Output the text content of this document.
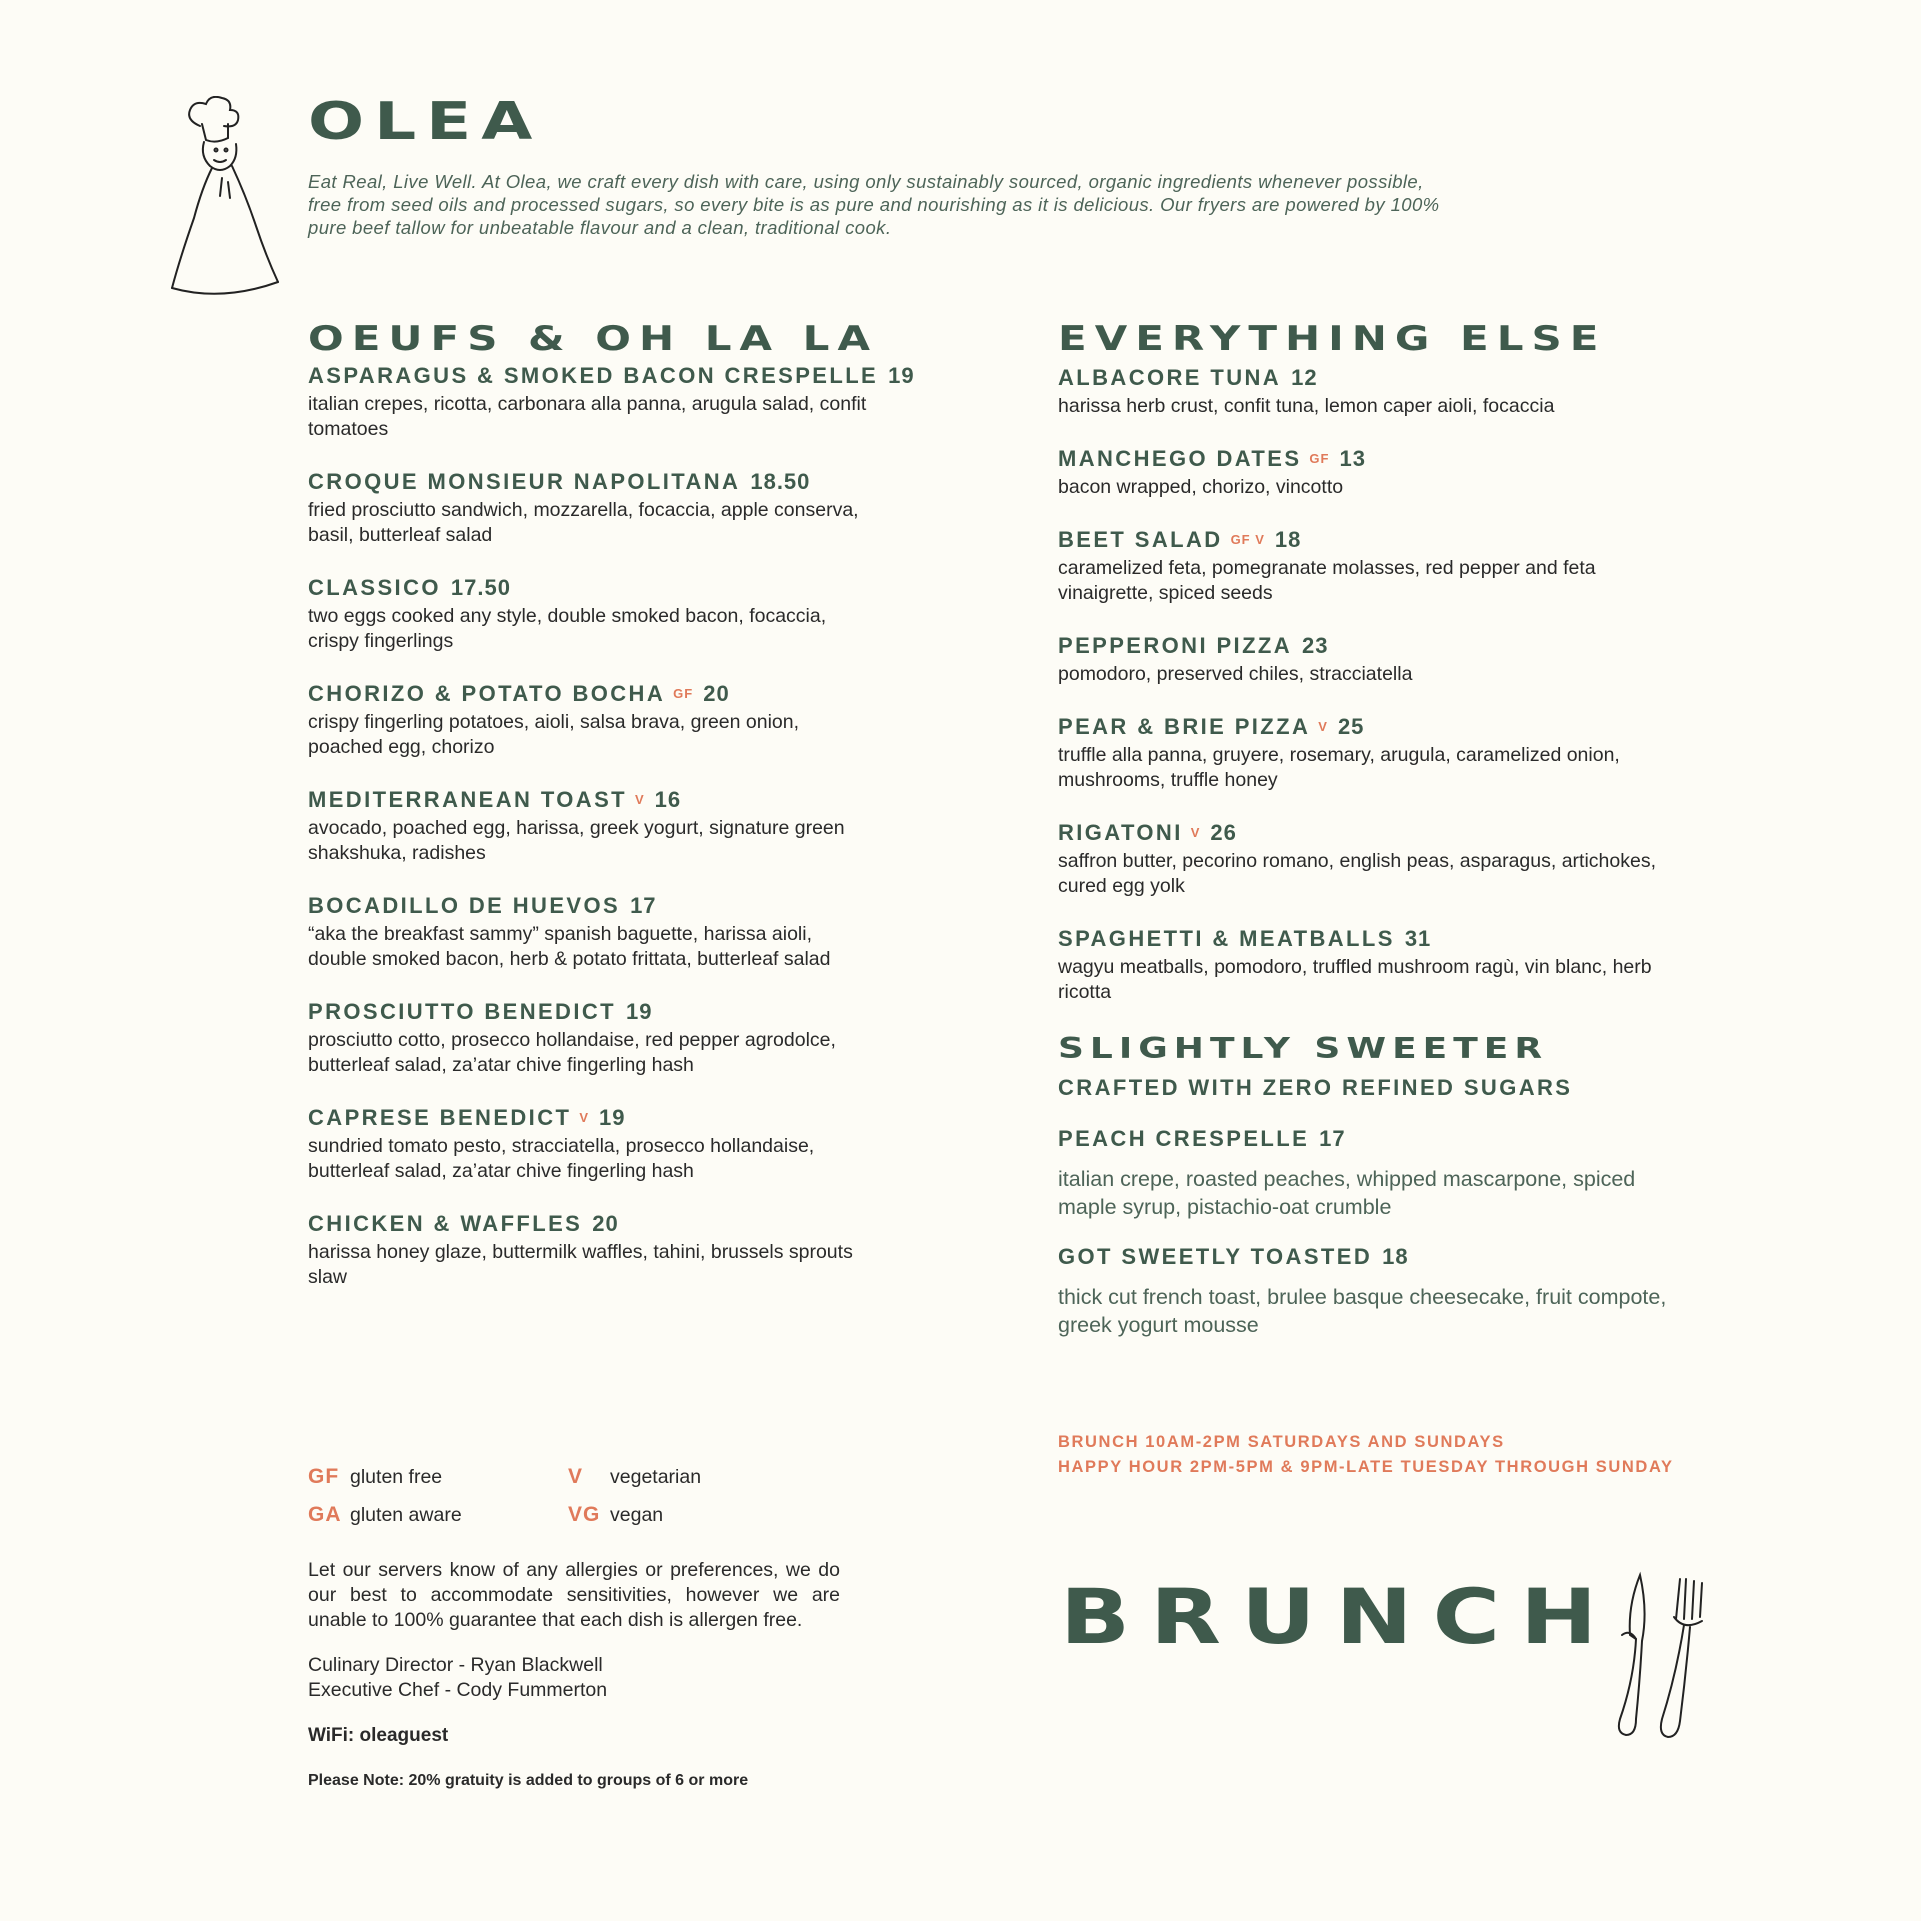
OLEA
Eat Real, Live Well. At Olea, we craft every dish with care, using only sustainably sourced, organic ingredients whenever possible, free from seed oils and processed sugars, so every bite is as pure and nourishing as it is delicious. Our fryers are powered by 100% pure beef tallow for unbeatable flavour and a clean, traditional cook.
OEUFS & OH LA LA
ASPARAGUS & SMOKED BACON CRESPELLE 19
italian crepes, ricotta, carbonara alla panna, arugula salad, confit tomatoes
CROQUE MONSIEUR NAPOLITANA 18.50
fried prosciutto sandwich, mozzarella, focaccia, apple conserva, basil, butterleaf salad
CLASSICO 17.50
two eggs cooked any style, double smoked bacon, focaccia, crispy fingerlings
CHORIZO & POTATO BOCHA GF 20
crispy fingerling potatoes, aioli, salsa brava, green onion, poached egg, chorizo
MEDITERRANEAN TOAST V 16
avocado, poached egg, harissa, greek yogurt, signature green shakshuka, radishes
BOCADILLO DE HUEVOS 17
“aka the breakfast sammy” spanish baguette, harissa aioli, double smoked bacon, herb & potato frittata, butterleaf salad
PROSCIUTTO BENEDICT 19
prosciutto cotto, prosecco hollandaise, red pepper agrodolce, butterleaf salad, za’atar chive fingerling hash
CAPRESE BENEDICT V 19
sundried tomato pesto, stracciatella, prosecco hollandaise, butterleaf salad, za’atar chive fingerling hash
CHICKEN & WAFFLES 20
harissa honey glaze, buttermilk waffles, tahini, brussels sprouts slaw
EVERYTHING ELSE
ALBACORE TUNA 12
harissa herb crust, confit tuna, lemon caper aioli, focaccia
MANCHEGO DATES GF 13
bacon wrapped, chorizo, vincotto
BEET SALAD GF V 18
caramelized feta, pomegranate molasses, red pepper and feta vinaigrette, spiced seeds
PEPPERONI PIZZA 23
pomodoro, preserved chiles, stracciatella
PEAR & BRIE PIZZA V 25
truffle alla panna, gruyere, rosemary, arugula, caramelized onion, mushrooms, truffle honey
RIGATONI V 26
saffron butter, pecorino romano, english peas, asparagus, artichokes, cured egg yolk
SPAGHETTI & MEATBALLS 31
wagyu meatballs, pomodoro, truffled mushroom ragù, vin blanc, herb ricotta
SLIGHTLY SWEETER
CRAFTED WITH ZERO REFINED SUGARS
PEACH CRESPELLE 17
italian crepe, roasted peaches, whipped mascarpone, spiced maple syrup, pistachio-oat crumble
GOT SWEETLY TOASTED 18
thick cut french toast, brulee basque cheesecake, fruit compote, greek yogurt mousse
GF gluten free	V	vegetarian
GA gluten aware	VG vegan
Let our servers know of any allergies or preferences, we do our best to accommodate sensitivities, however we are unable to 100% guarantee that each dish is allergen free.
Culinary Director - Ryan Blackwell
Executive Chef - Cody Fummerton
WiFi: oleaguest
Please Note: 20% gratuity is added to groups of 6 or more
BRUNCH 10AM-2PM SATURDAYS AND SUNDAYS
HAPPY HOUR 2PM-5PM & 9PM-LATE TUESDAY THROUGH SUNDAY
BRUNCH
